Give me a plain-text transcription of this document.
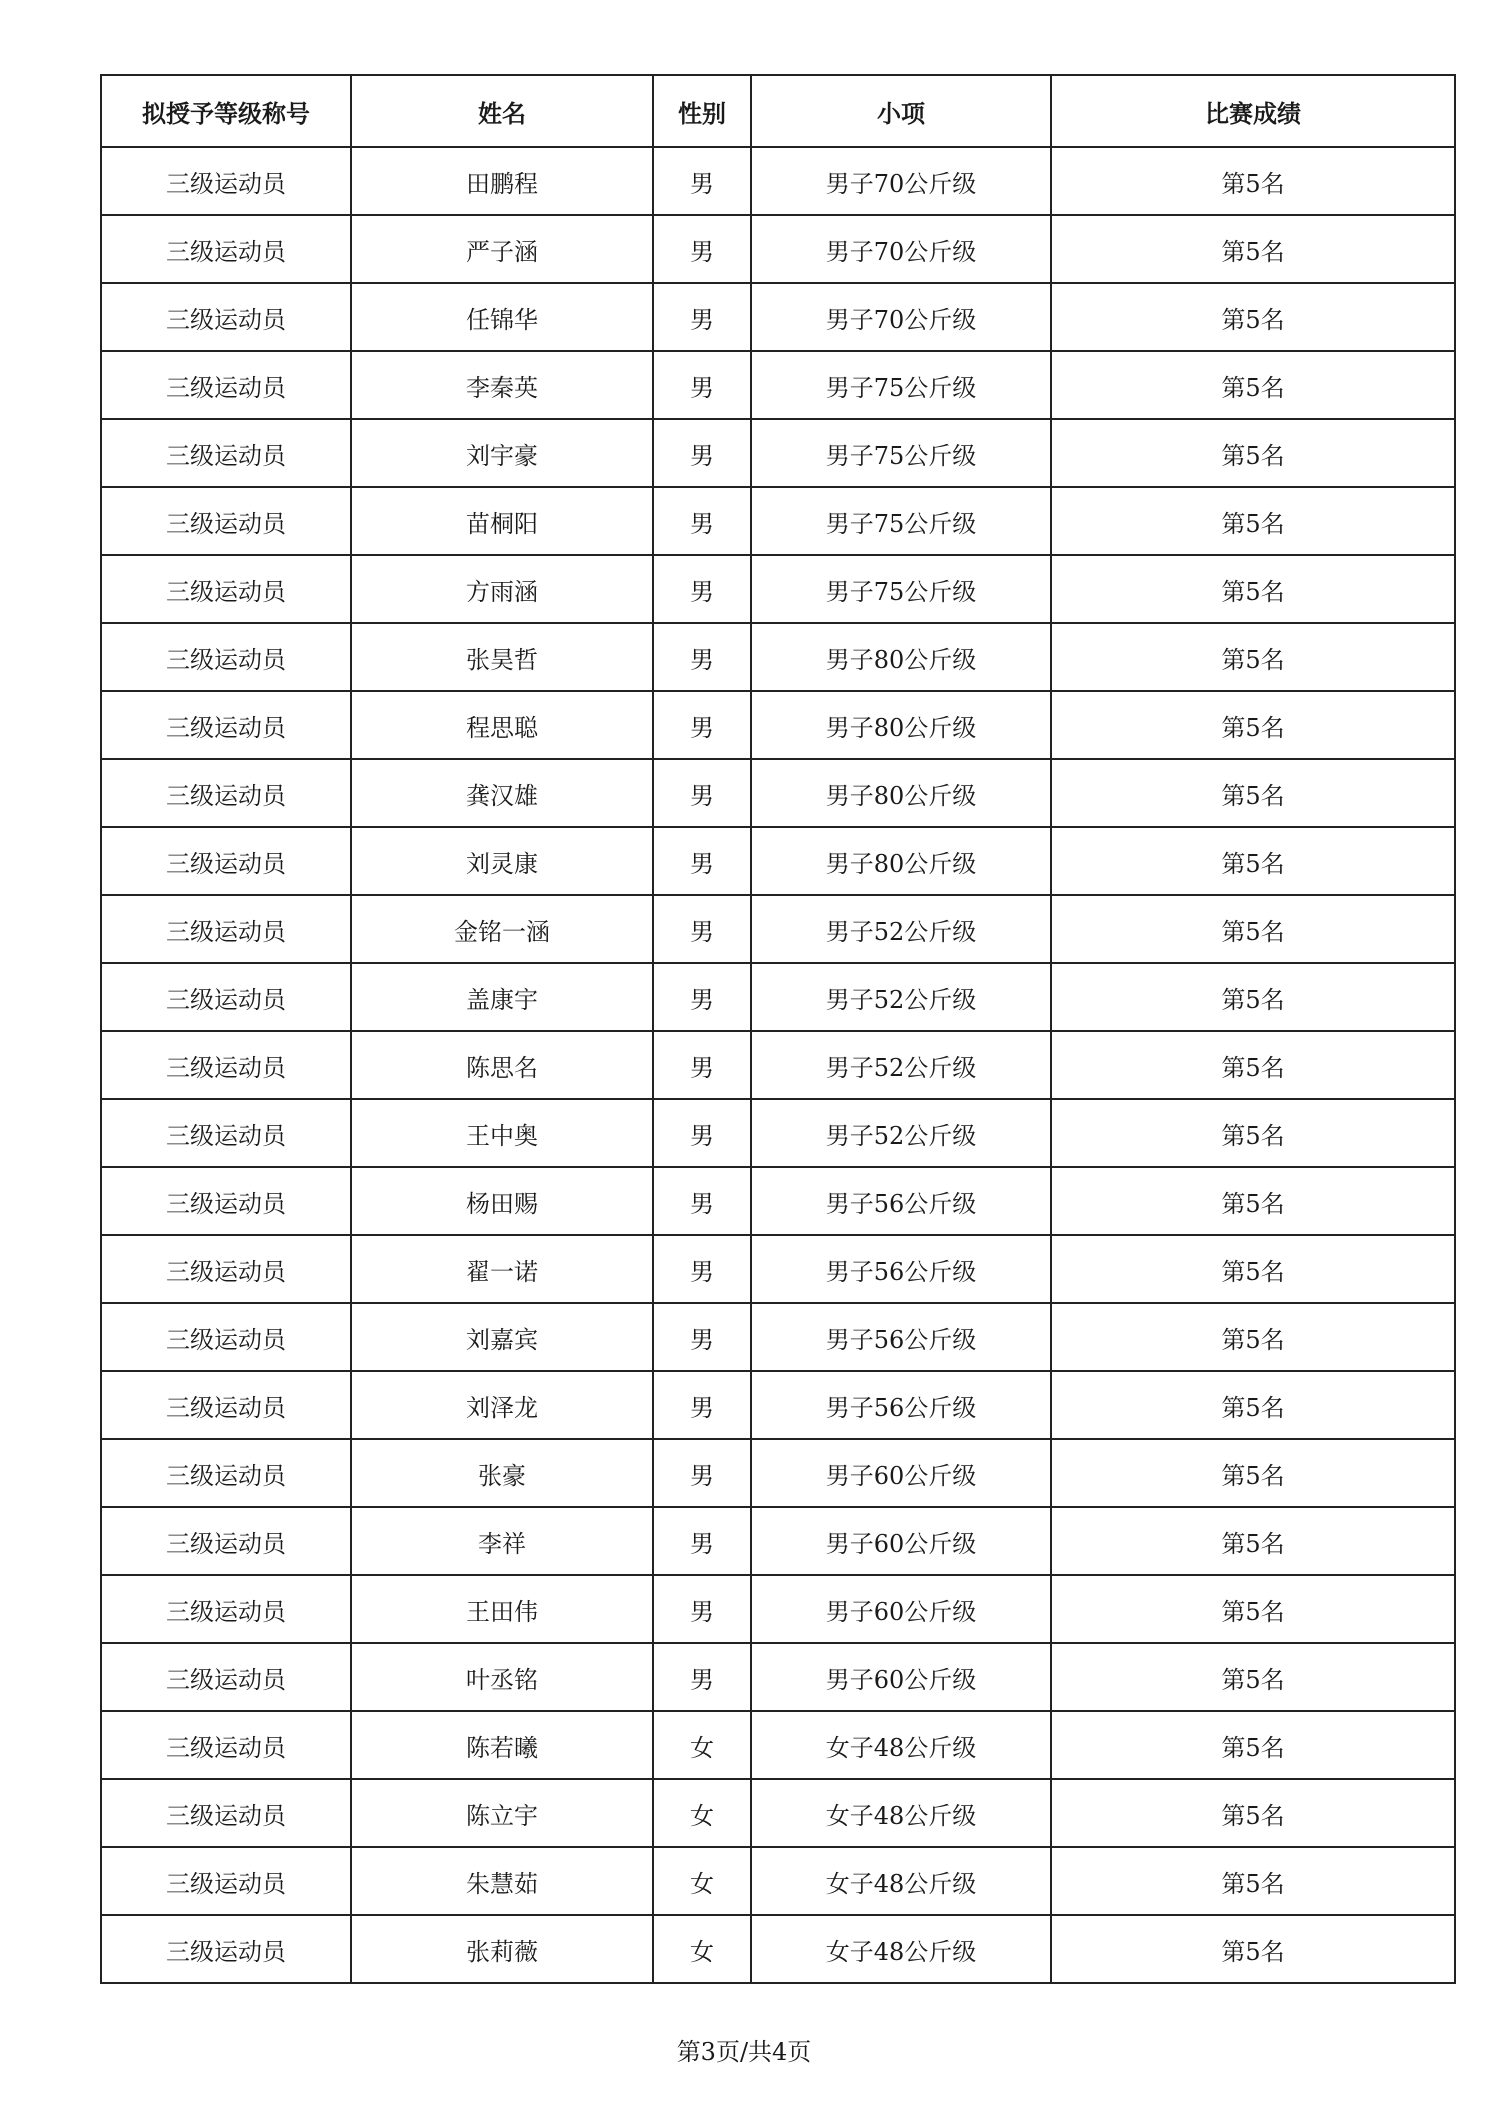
拟授予等级称号	姓名	性别	小项	比赛成绩
三级运动员	田鹏程	男	男子70公斤级	第5名
三级运动员	严子涵	男	男子70公斤级	第5名
三级运动员	任锦华	男	男子70公斤级	第5名
三级运动员	李秦英	男	男子75公斤级	第5名
三级运动员	刘宇豪	男	男子75公斤级	第5名
三级运动员	苗桐阳	男	男子75公斤级	第5名
三级运动员	方雨涵	男	男子75公斤级	第5名
三级运动员	张昊哲	男	男子80公斤级	第5名
三级运动员	程思聪	男	男子80公斤级	第5名
三级运动员	龚汉雄	男	男子80公斤级	第5名
三级运动员	刘灵康	男	男子80公斤级	第5名
三级运动员	金铭一涵	男	男子52公斤级	第5名
三级运动员	盖康宇	男	男子52公斤级	第5名
三级运动员	陈思名	男	男子52公斤级	第5名
三级运动员	王中奥	男	男子52公斤级	第5名
三级运动员	杨田赐	男	男子56公斤级	第5名
三级运动员	翟一诺	男	男子56公斤级	第5名
三级运动员	刘嘉宾	男	男子56公斤级	第5名
三级运动员	刘泽龙	男	男子56公斤级	第5名
三级运动员	张豪	男	男子60公斤级	第5名
三级运动员	李祥	男	男子60公斤级	第5名
三级运动员	王田伟	男	男子60公斤级	第5名
三级运动员	叶丞铭	男	男子60公斤级	第5名
三级运动员	陈若曦	女	女子48公斤级	第5名
三级运动员	陈立宇	女	女子48公斤级	第5名
三级运动员	朱慧茹	女	女子48公斤级	第5名
三级运动员	张莉薇	女	女子48公斤级	第5名
第3页/共4页
